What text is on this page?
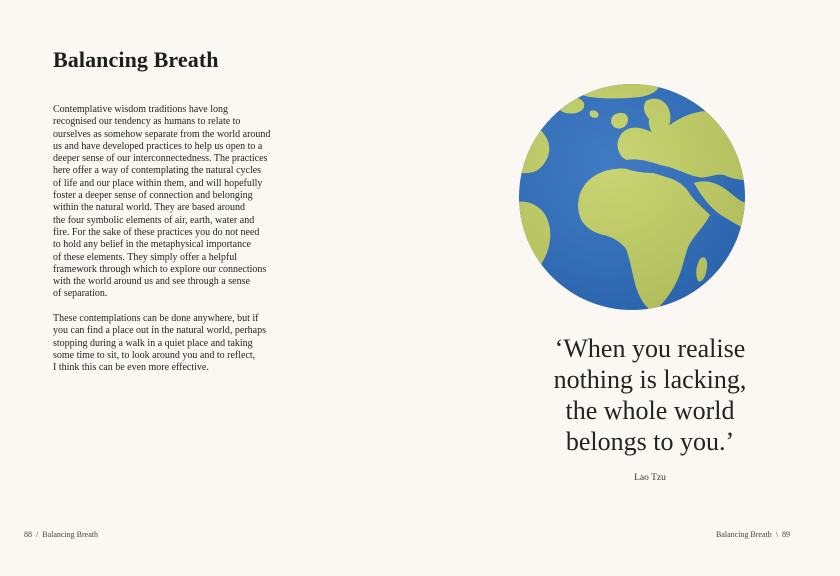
Balancing Breath

Contemplative wisdom traditions have long
recognised our tendency as humans to relate to
ourselves as somehow separate from the world around
us and have developed practices to help us open to a
deeper sense of our interconnectedness. The practices
here offer a way of contemplating the natural cycles
of life and our place within them, and will hopefully
foster a deeper sense of connection and belonging
within the natural world. They are based around
the four symbolic elements of air, earth, water and
fire. For the sake of these practices you do not need
to hold any belief in the metaphysical importance
of these elements. They simply offer a helpful
framework through which to explore our connections
with the world around us and see through a sense
of separation.

These contemplations can be done anywhere, but if
you can find a place out in the natural world, perhaps
stopping during a walk in a quiet place and taking
some time to sit, to look around you and to reflect,
I think this can be even more effective.

88 / Balancing Breath

‘When you realise
nothing is lacking,
the whole world
belongs to you.’

Lao Tzu
Balancing Breath \ 89
